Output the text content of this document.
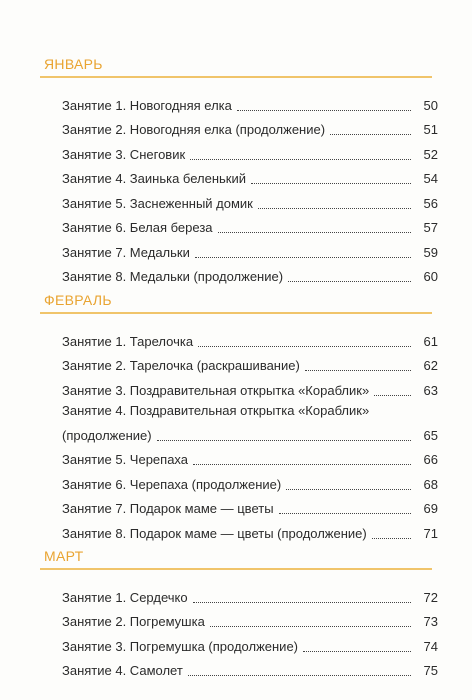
ЯНВАРЬ
Занятие 1. Новогодняя елка	50
Занятие 2. Новогодняя елка (продолжение)	51
Занятие 3. Снеговик	52
Занятие 4. Заинька беленький	54
Занятие 5. Заснеженный домик	56
Занятие 6. Белая береза	57
Занятие 7. Медальки	59
Занятие 8. Медальки (продолжение)	60
ФЕВРАЛЬ
Занятие 1. Тарелочка	61
Занятие 2. Тарелочка (раскрашивание)	62
Занятие 3. Поздравительная открытка «Кораблик»	63
Занятие 4. Поздравительная открытка «Кораблик»
(продолжение)	65
Занятие 5. Черепаха	66
Занятие 6. Черепаха (продолжение)	68
Занятие 7. Подарок маме — цветы	69
Занятие 8. Подарок маме — цветы (продолжение)	71
МАРТ
Занятие 1. Сердечко	72
Занятие 2. Погремушка	73
Занятие 3. Погремушка (продолжение)	74
Занятие 4. Самолет	75
